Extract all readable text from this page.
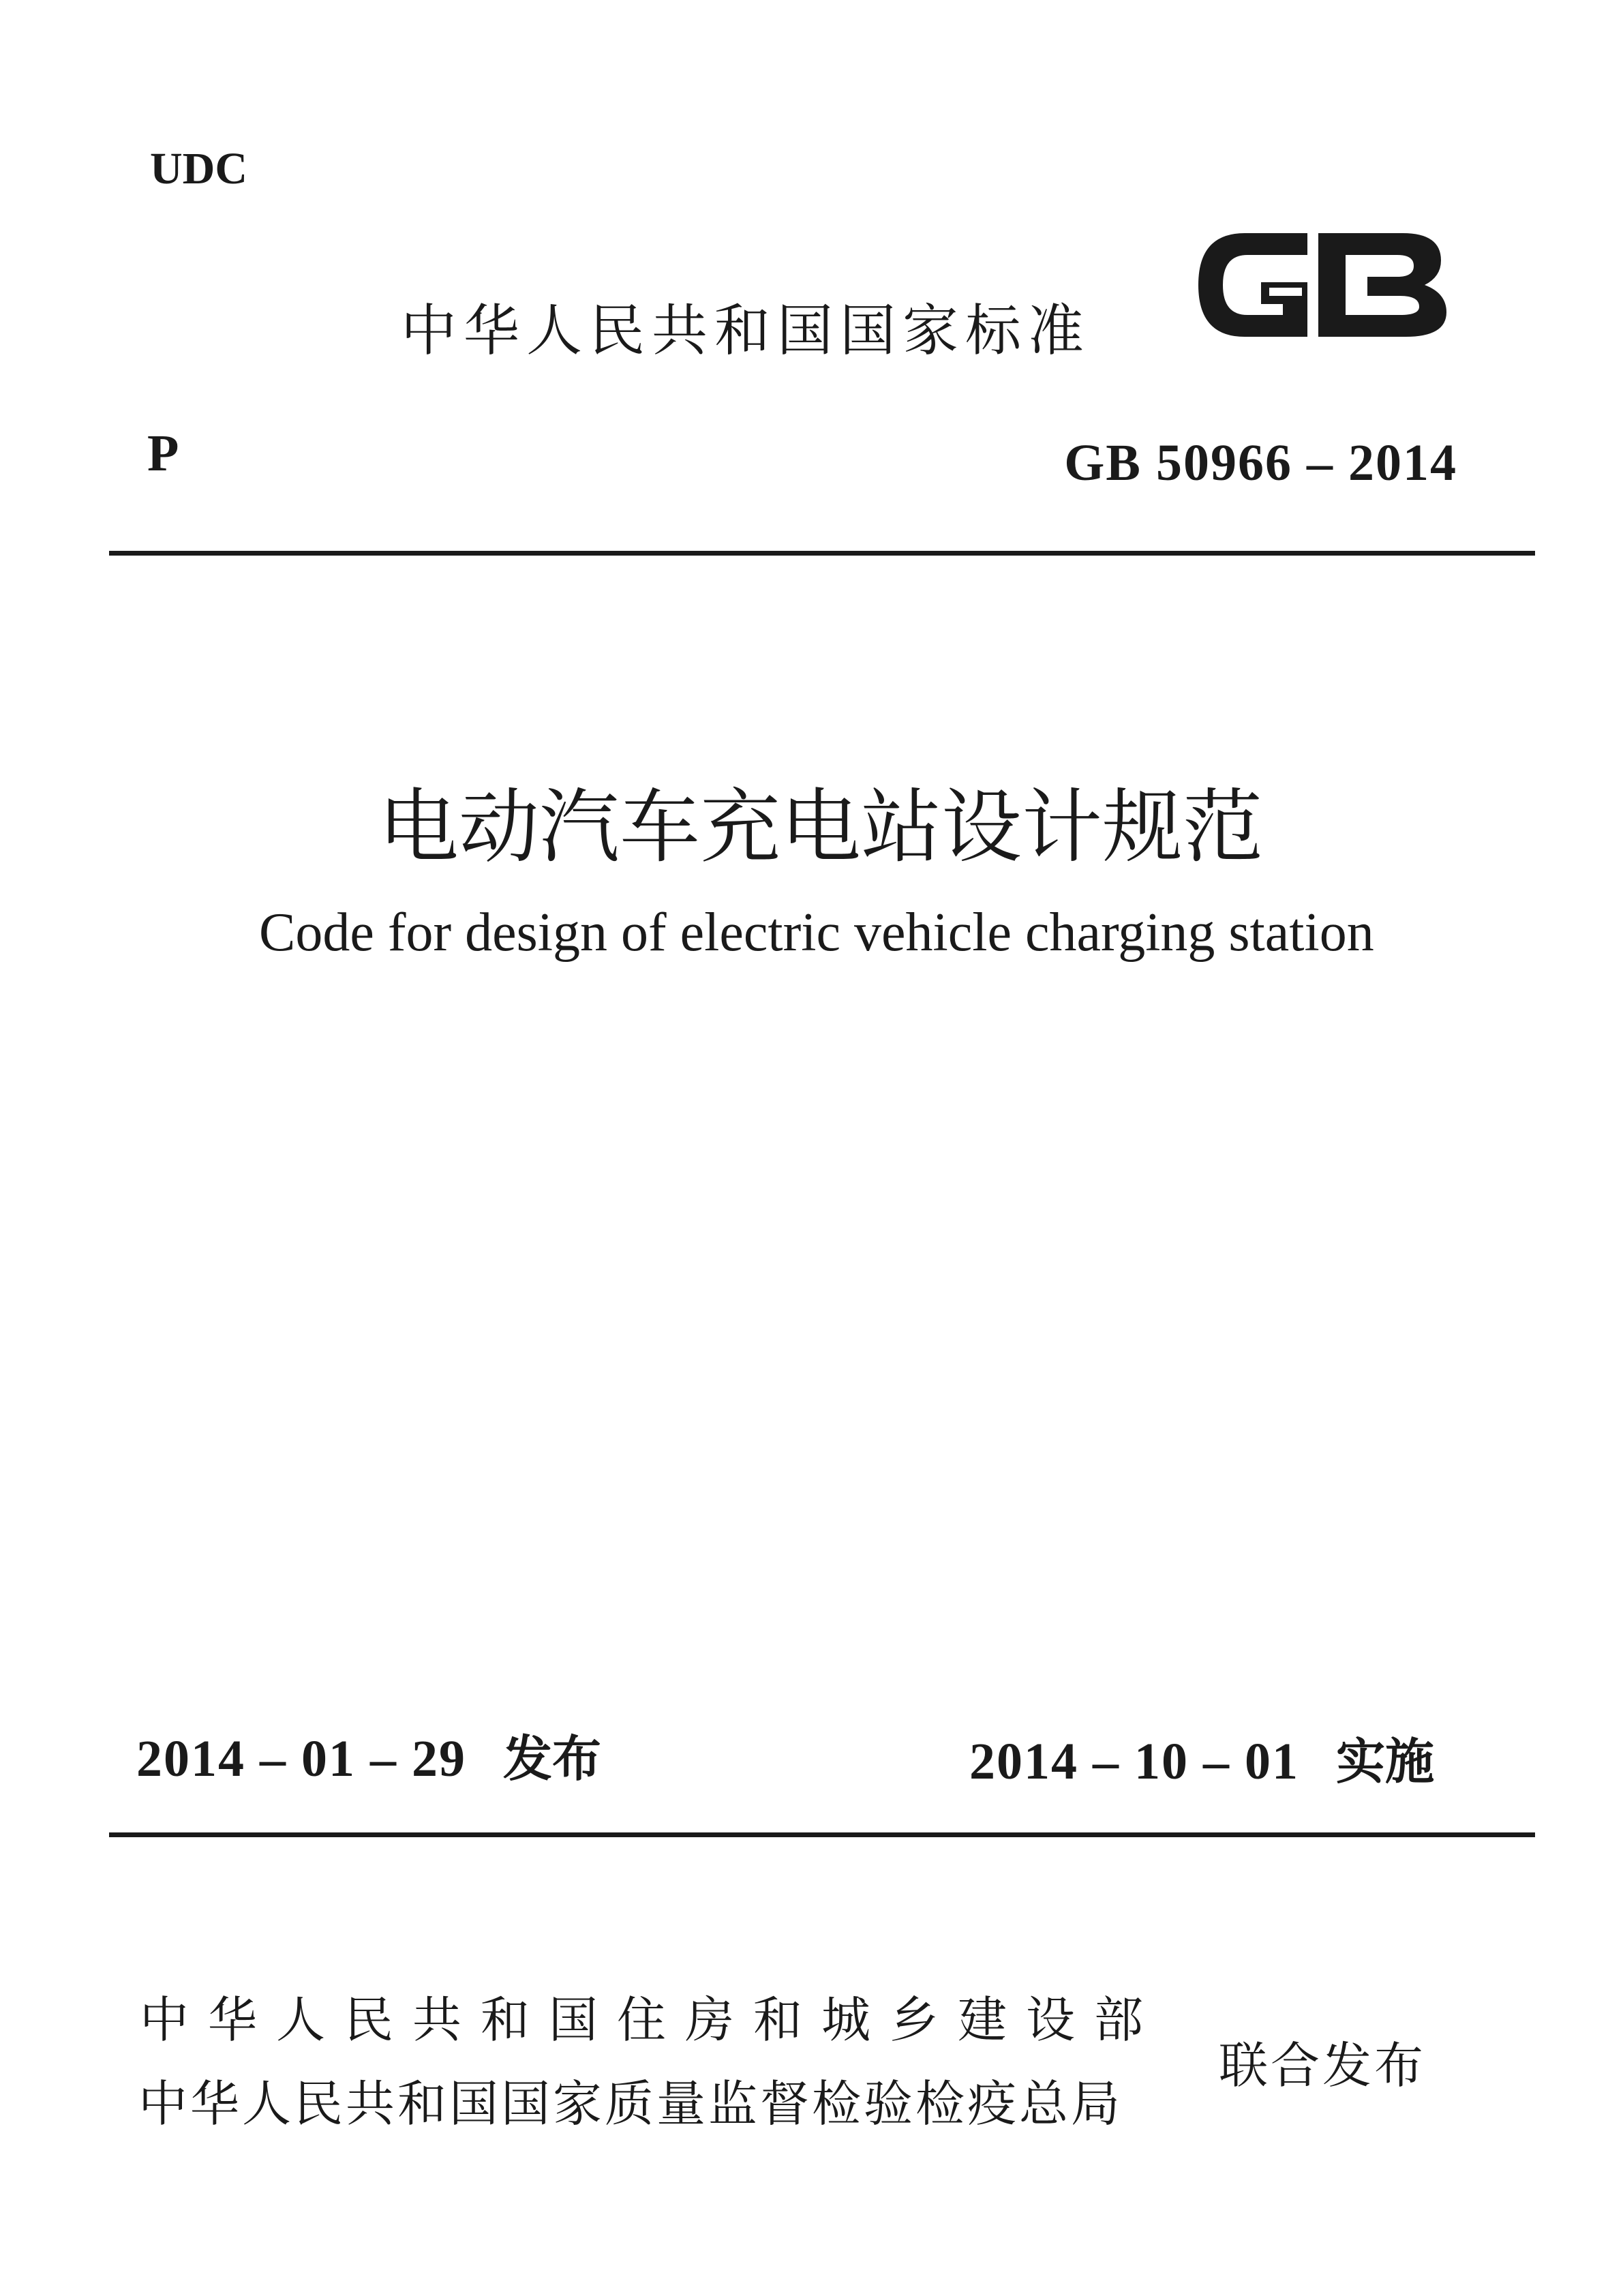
UDC
中华人民共和国国家标准
P	GB 50966 – 2014
电动汽车充电站设计规范
Code for design of electric vehicle charging station
2014 – 01 – 29 发布	2014 – 10 – 01 实施
中华人民共和国住房和城乡建设部
中华人民共和国国家质量监督检验检疫总局
联合发布
